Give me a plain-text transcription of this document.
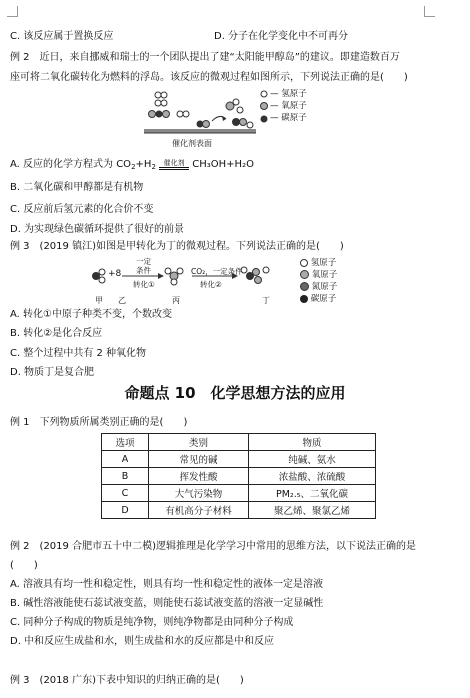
C. 该反应属于置换反应	D. 分子在化学变化中不可再分
例 2　近日，来自挪威和瑞士的一个团队提出了建“太阳能甲醇岛”的建议。即建造数百万
座可将二氧化碳转化为燃料的浮岛。该反应的微观过程如图所示，下列说法正确的是(　　)
— 氢原子
— 氧原子
— 碳原子
催化剂表面
A. 反应的化学方程式为 $CO_2+H_2$
催化剂 CH₃OH+H₂O
B. 二氧化碳和甲醇都是有机物
C. 反应前后氢元素的化合价不变
D. 为实现绿色碳循环提供了很好的前景
例 3　(2019 镇江)如图是甲转化为丁的微观过程。下列说法正确的是(　　)
+8
一定
条件
转化①
CO₂，一定条件
转化②
甲 乙	丙	丁
氢原子
氧原子
氮原子
碳原子
A. 转化①中原子种类不变，个数改变
B. 转化②是化合反应
C. 整个过程中共有 2 种氧化物
D. 物质丁是复合肥
命题点 10　化学思想方法的应用
例 1　下列物质所属类别正确的是(　　)
选项	类别	物质
A	常见的碱	纯碱、氨水
B	挥发性酸	浓盐酸、浓硫酸
C	大气污染物	PM₂.₅、二氧化碳
D	有机高分子材料	聚乙烯、聚氯乙烯
例 2　(2019 合肥市五十中二模)逻辑推理是化学学习中常用的思维方法，以下说法正确的是
(　　)
A. 溶液具有均一性和稳定性，则具有均一性和稳定性的液体一定是溶液
B. 碱性溶液能使石蕊试液变蓝，则能使石蕊试液变蓝的溶液一定显碱性
C. 同种分子构成的物质是纯净物，则纯净物都是由同种分子构成
D. 中和反应生成盐和水，则生成盐和水的反应都是中和反应
例 3　(2018 广东)下表中知识的归纳正确的是(　　)
